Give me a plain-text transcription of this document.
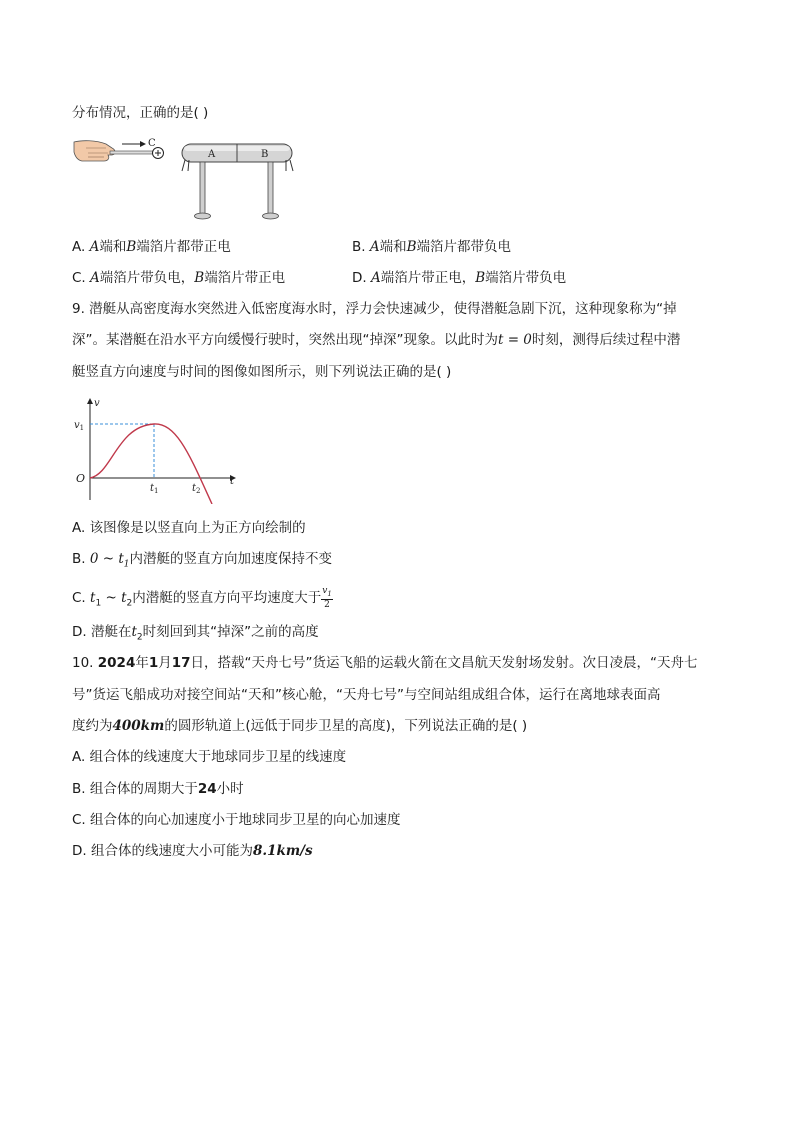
分布情况，正确的是( )
C
A	B
A. A端和B端箔片都带正电	B. A端和B端箔片都带负电
C. A端箔片带负电，B端箔片带正电	D. A端箔片带正电，B端箔片带负电
9. 潜艇从高密度海水突然进入低密度海水时，浮力会快速减少，使得潜艇急剧下沉，这种现象称为“掉
深”。某潜艇在沿水平方向缓慢行驶时，突然出现“掉深”现象。以此时为t = 0时刻，测得后续过程中潜
艇竖直方向速度与时间的图像如图所示，则下列说法正确的是( )
v
$v_1$
O	t
$t_1$	$t_2$
A. 该图像是以竖直向上为正方向绘制的
B. 0 ~ $t_1$内潜艇的竖直方向加速度保持不变
C. $t_1$ ~ $t_2$内潜艇的竖直方向平均速度大于 $\frac{v_1}{2}$
D. 潜艇在$t_2$时刻回到其“掉深”之前的高度
10. 2024年1月17日，搭载“天舟七号”货运飞船的运载火箭在文昌航天发射场发射。次日凌晨，“天舟七
号”货运飞船成功对接空间站“天和”核心舱，“天舟七号”与空间站组成组合体，运行在离地球表面高
度约为400km的圆形轨道上(远低于同步卫星的高度)，下列说法正确的是( )
A. 组合体的线速度大于地球同步卫星的线速度
B. 组合体的周期大于24小时
C. 组合体的向心加速度小于地球同步卫星的向心加速度
D. 组合体的线速度大小可能为8.1km/s
